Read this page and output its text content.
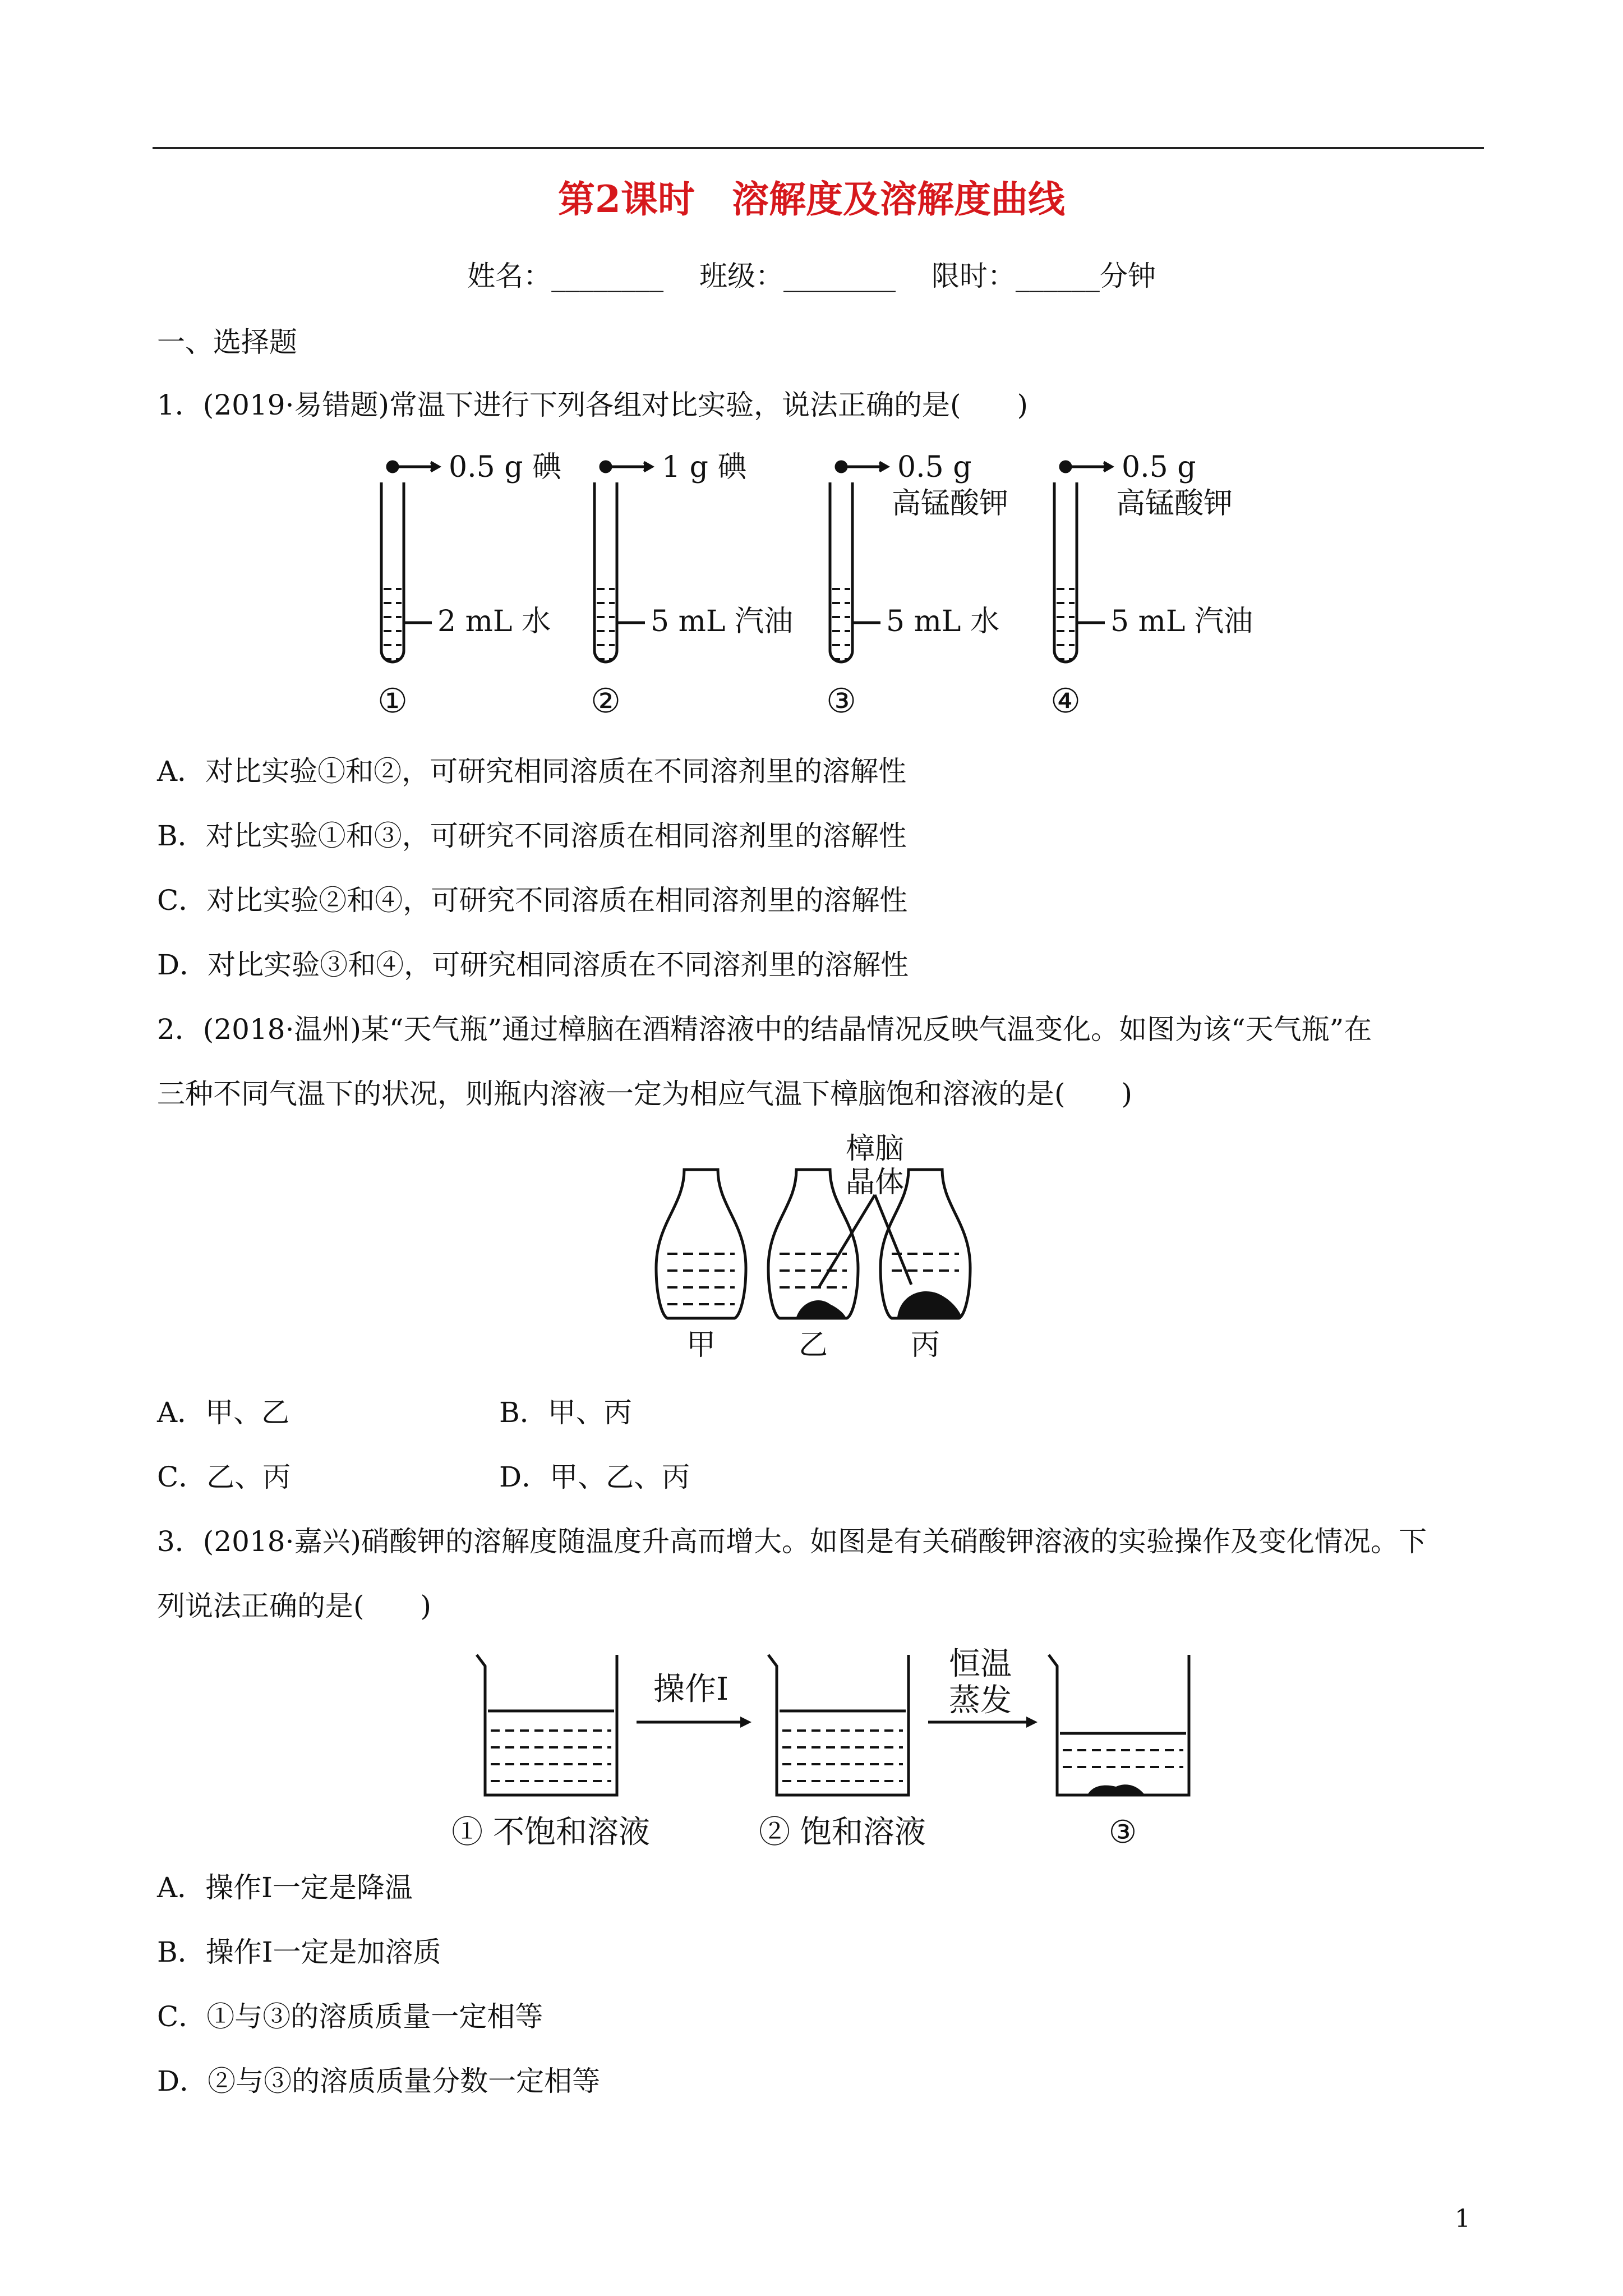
第2课时　溶解度及溶解度曲线
姓名：________ 班级：________ 限时：______分钟
一、选择题
1．(2019·易错题)常温下进行下列各组对比实验，说法正确的是(　　)
0.5 g 碘
2 mL 水
①
1 g 碘
5 mL 汽油
②
0.5 g
高锰酸钾
5 mL 水
③
0.5 g
高锰酸钾
5 mL 汽油
④
A．对比实验①和②，可研究相同溶质在不同溶剂里的溶解性
B．对比实验①和③，可研究不同溶质在相同溶剂里的溶解性
C．对比实验②和④，可研究不同溶质在相同溶剂里的溶解性
D．对比实验③和④，可研究相同溶质在不同溶剂里的溶解性
2．(2018·温州)某“天气瓶”通过樟脑在酒精溶液中的结晶情况反映气温变化。如图为该“天气瓶”在
三种不同气温下的状况，则瓶内溶液一定为相应气温下樟脑饱和溶液的是(　　)
樟脑
晶体
甲	乙	丙
A．甲、乙	B．甲、丙
C．乙、丙	D．甲、乙、丙
3．(2018·嘉兴)硝酸钾的溶解度随温度升高而增大。如图是有关硝酸钾溶液的实验操作及变化情况。下
列说法正确的是(　　)
操作Ⅰ
恒温
蒸发
① 不饱和溶液	② 饱和溶液	③
A．操作Ⅰ一定是降温
B．操作Ⅰ一定是加溶质
C．①与③的溶质质量一定相等
D．②与③的溶质质量分数一定相等
1
